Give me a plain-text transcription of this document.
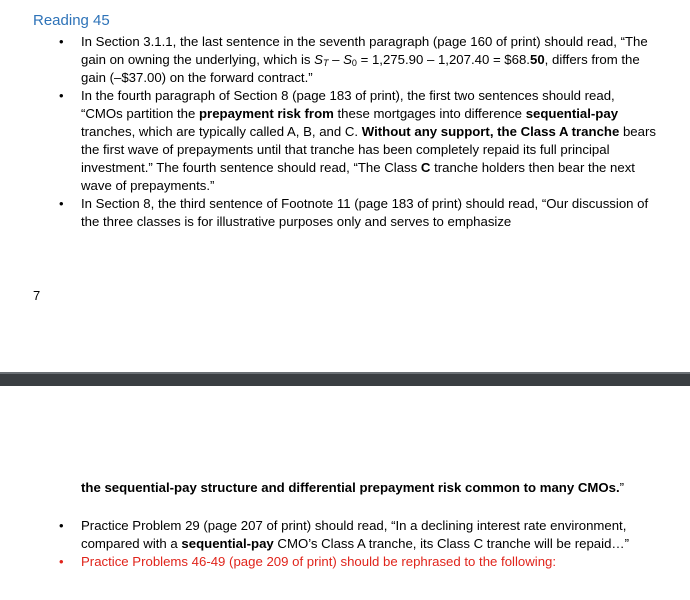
Reading 45
• In Section 3.1.1, the last sentence in the seventh paragraph (page 160 of print) should read, “The gain on owning the underlying, which is $S_T - S_0 = 1,275.90 - 1,207.40$ = $68.50, differs from the gain (–$37.00) on the forward contract.”
• In the fourth paragraph of Section 8 (page 183 of print), the first two sentences should read, “CMOs partition the prepayment risk from these mortgages into difference sequential-pay tranches, which are typically called A, B, and C. Without any support, the Class A tranche bears the first wave of prepayments until that tranche has been completely repaid its full principal investment.” The fourth sentence should read, “The Class C tranche holders then bear the next wave of prepayments.”
• In Section 8, the third sentence of Footnote 11 (page 183 of print) should read, “Our discussion of the three classes is for illustrative purposes only and serves to emphasize
7
the sequential-pay structure and differential prepayment risk common to many CMOs.”
• Practice Problem 29 (page 207 of print) should read, “In a declining interest rate environment, compared with a sequential-pay CMO’s Class A tranche, its Class C tranche will be repaid…”
• Practice Problems 46-49 (page 209 of print) should be rephrased to the following:
